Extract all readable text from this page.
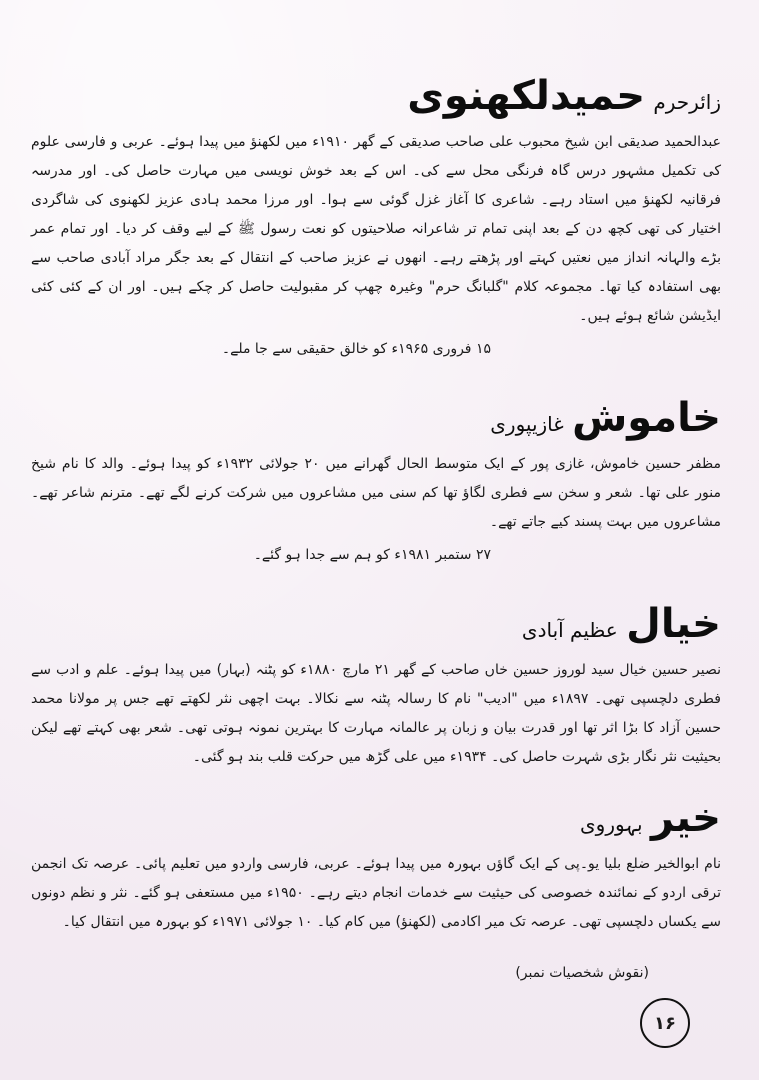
زائرحرم حمیدلکھنوی

عبدالحمید صدیقی ابن شیخ محبوب علی صاحب صدیقی کے گھر ۱۹۱۰ء میں لکھنؤ میں پیدا ہوئے۔ عربی و فارسی علوم کی تکمیل مشہور درس گاہ فرنگی محل سے کی۔ اس کے بعد خوش نویسی میں مہارت حاصل کی۔ اور مدرسہ فرقانیہ لکھنؤ میں استاد رہے۔ شاعری کا آغاز غزل گوئی سے ہوا۔ اور مرزا محمد ہادی عزیز لکھنوی کی شاگردی اختیار کی تھی کچھ دن کے بعد اپنی تمام تر شاعرانہ صلاحیتوں کو نعت رسول ﷺ کے لیے وقف کر دیا۔ اور تمام عمر بڑے والہانہ انداز میں نعتیں کہتے اور پڑھتے رہے۔ انھوں نے عزیز صاحب کے انتقال کے بعد جگر مراد آبادی صاحب سے بھی استفادہ کیا تھا۔ مجموعہ کلام "گلبانگ حرم" وغیرہ چھپ کر مقبولیت حاصل کر چکے ہیں۔ اور ان کے کئی کئی ایڈیشن شائع ہوئے ہیں۔

۱۵ فروری ۱۹۶۵ء کو خالق حقیقی سے جا ملے۔

خاموش غازیپوری

مظفر حسین خاموش، غازی پور کے ایک متوسط الحال گھرانے میں ۲۰ جولائی ۱۹۳۲ء کو پیدا ہوئے۔ والد کا نام شیخ منور علی تھا۔ شعر و سخن سے فطری لگاؤ تھا کم سنی میں مشاعروں میں شرکت کرنے لگے تھے۔ مترنم شاعر تھے۔ مشاعروں میں بہت پسند کیے جاتے تھے۔

۲۷ ستمبر ۱۹۸۱ء کو ہم سے جدا ہو گئے۔

خیال عظیم آبادی

نصیر حسین خیال سید لوروز حسین خاں صاحب کے گھر ۲۱ مارچ ۱۸۸۰ء کو پٹنہ (بہار) میں پیدا ہوئے۔ علم و ادب سے فطری دلچسپی تھی۔ ۱۸۹۷ء میں "ادیب" نام کا رسالہ پٹنہ سے نکالا۔ بہت اچھی نثر لکھتے تھے جس پر مولانا محمد حسین آزاد کا بڑا اثر تھا اور قدرت بیان و زبان پر عالمانہ مہارت کا بہترین نمونہ ہوتی تھی۔ شعر بھی کہتے تھے لیکن بحیثیت نثر نگار بڑی شہرت حاصل کی۔ ۱۹۳۴ء میں علی گڑھ میں حرکت قلب بند ہو گئی۔

خیر بہوروی

نام ابوالخیر ضلع بلیا یو۔پی کے ایک گاؤں بہورہ میں پیدا ہوئے۔ عربی، فارسی واردو میں تعلیم پائی۔ عرصہ تک انجمن ترقی اردو کے نمائندہ خصوصی کی حیثیت سے خدمات انجام دیتے رہے۔ ۱۹۵۰ء میں مستعفی ہو گئے۔ نثر و نظم دونوں سے یکساں دلچسپی تھی۔ عرصہ تک میر اکادمی (لکھنؤ) میں کام کیا۔ ۱۰ جولائی ۱۹۷۱ء کو بہورہ میں انتقال کیا۔

(نقوش شخصیات نمبر)
۱۶
